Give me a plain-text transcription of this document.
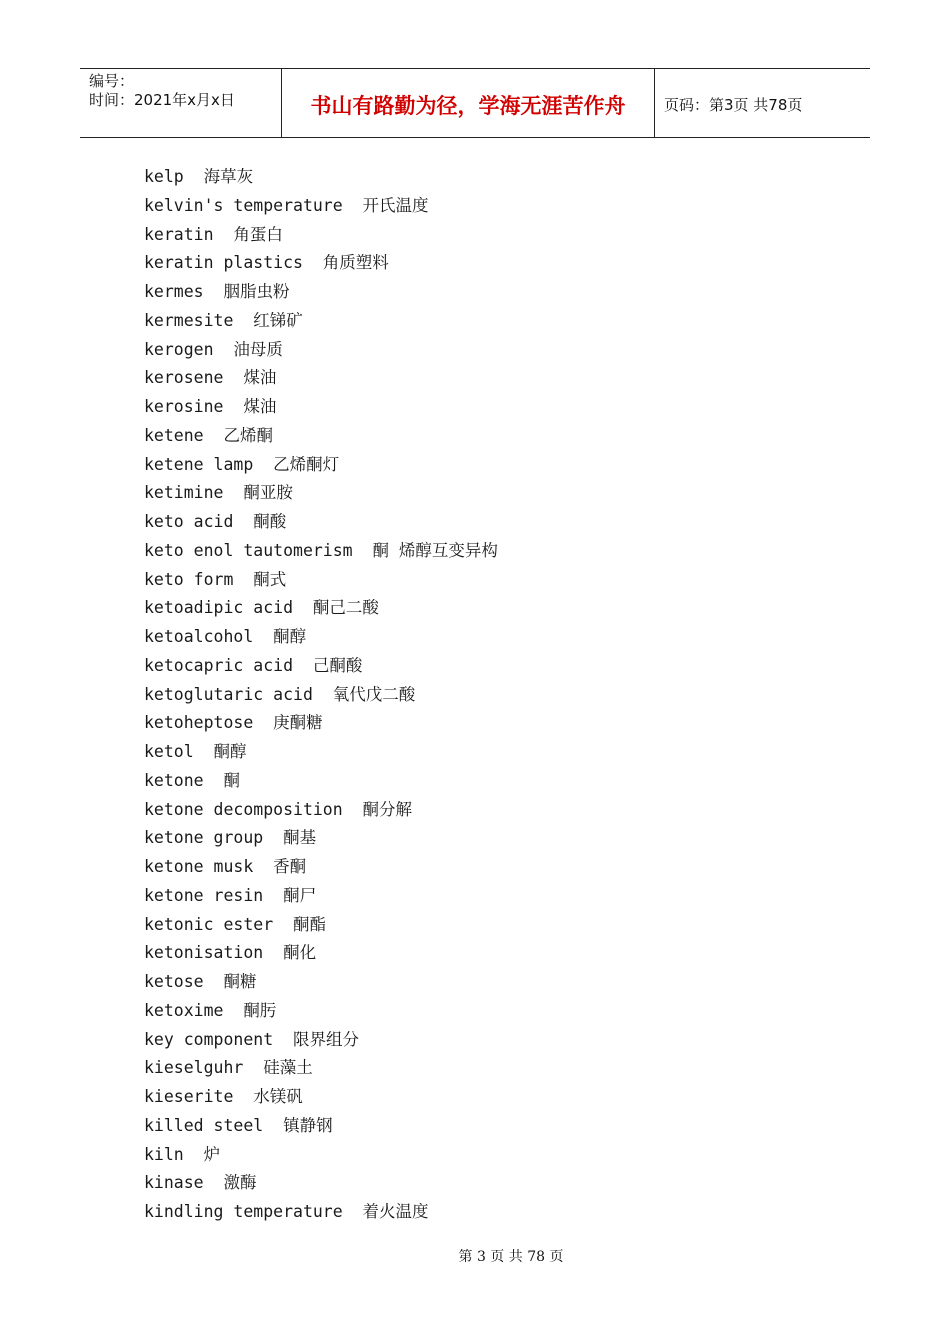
编号：
时间：2021年x月x日	书山有路勤为径，学海无涯苦作舟	页码：第3页 共78页
kelp  海草灰
kelvin's temperature  开氏温度
keratin  角蛋白
keratin plastics  角质塑料
kermes  胭脂虫粉
kermesite  红锑矿
kerogen  油母质
kerosene  煤油
kerosine  煤油
ketene  乙烯酮
ketene lamp  乙烯酮灯
ketimine  酮亚胺
keto acid  酮酸
keto enol tautomerism  酮 烯醇互变异构
keto form  酮式
ketoadipic acid  酮己二酸
ketoalcohol  酮醇
ketocapric acid  己酮酸
ketoglutaric acid  氧代戊二酸
ketoheptose  庚酮糖
ketol  酮醇
ketone  酮
ketone decomposition  酮分解
ketone group  酮基
ketone musk  香酮
ketone resin  酮尸
ketonic ester  酮酯
ketonisation  酮化
ketose  酮糖
ketoxime  酮肟
key component  限界组分
kieselguhr  硅藻土
kieserite  水镁矾
killed steel  镇静钢
kiln  炉
kinase  激酶
kindling temperature  着火温度
第 3 页 共 78 页
